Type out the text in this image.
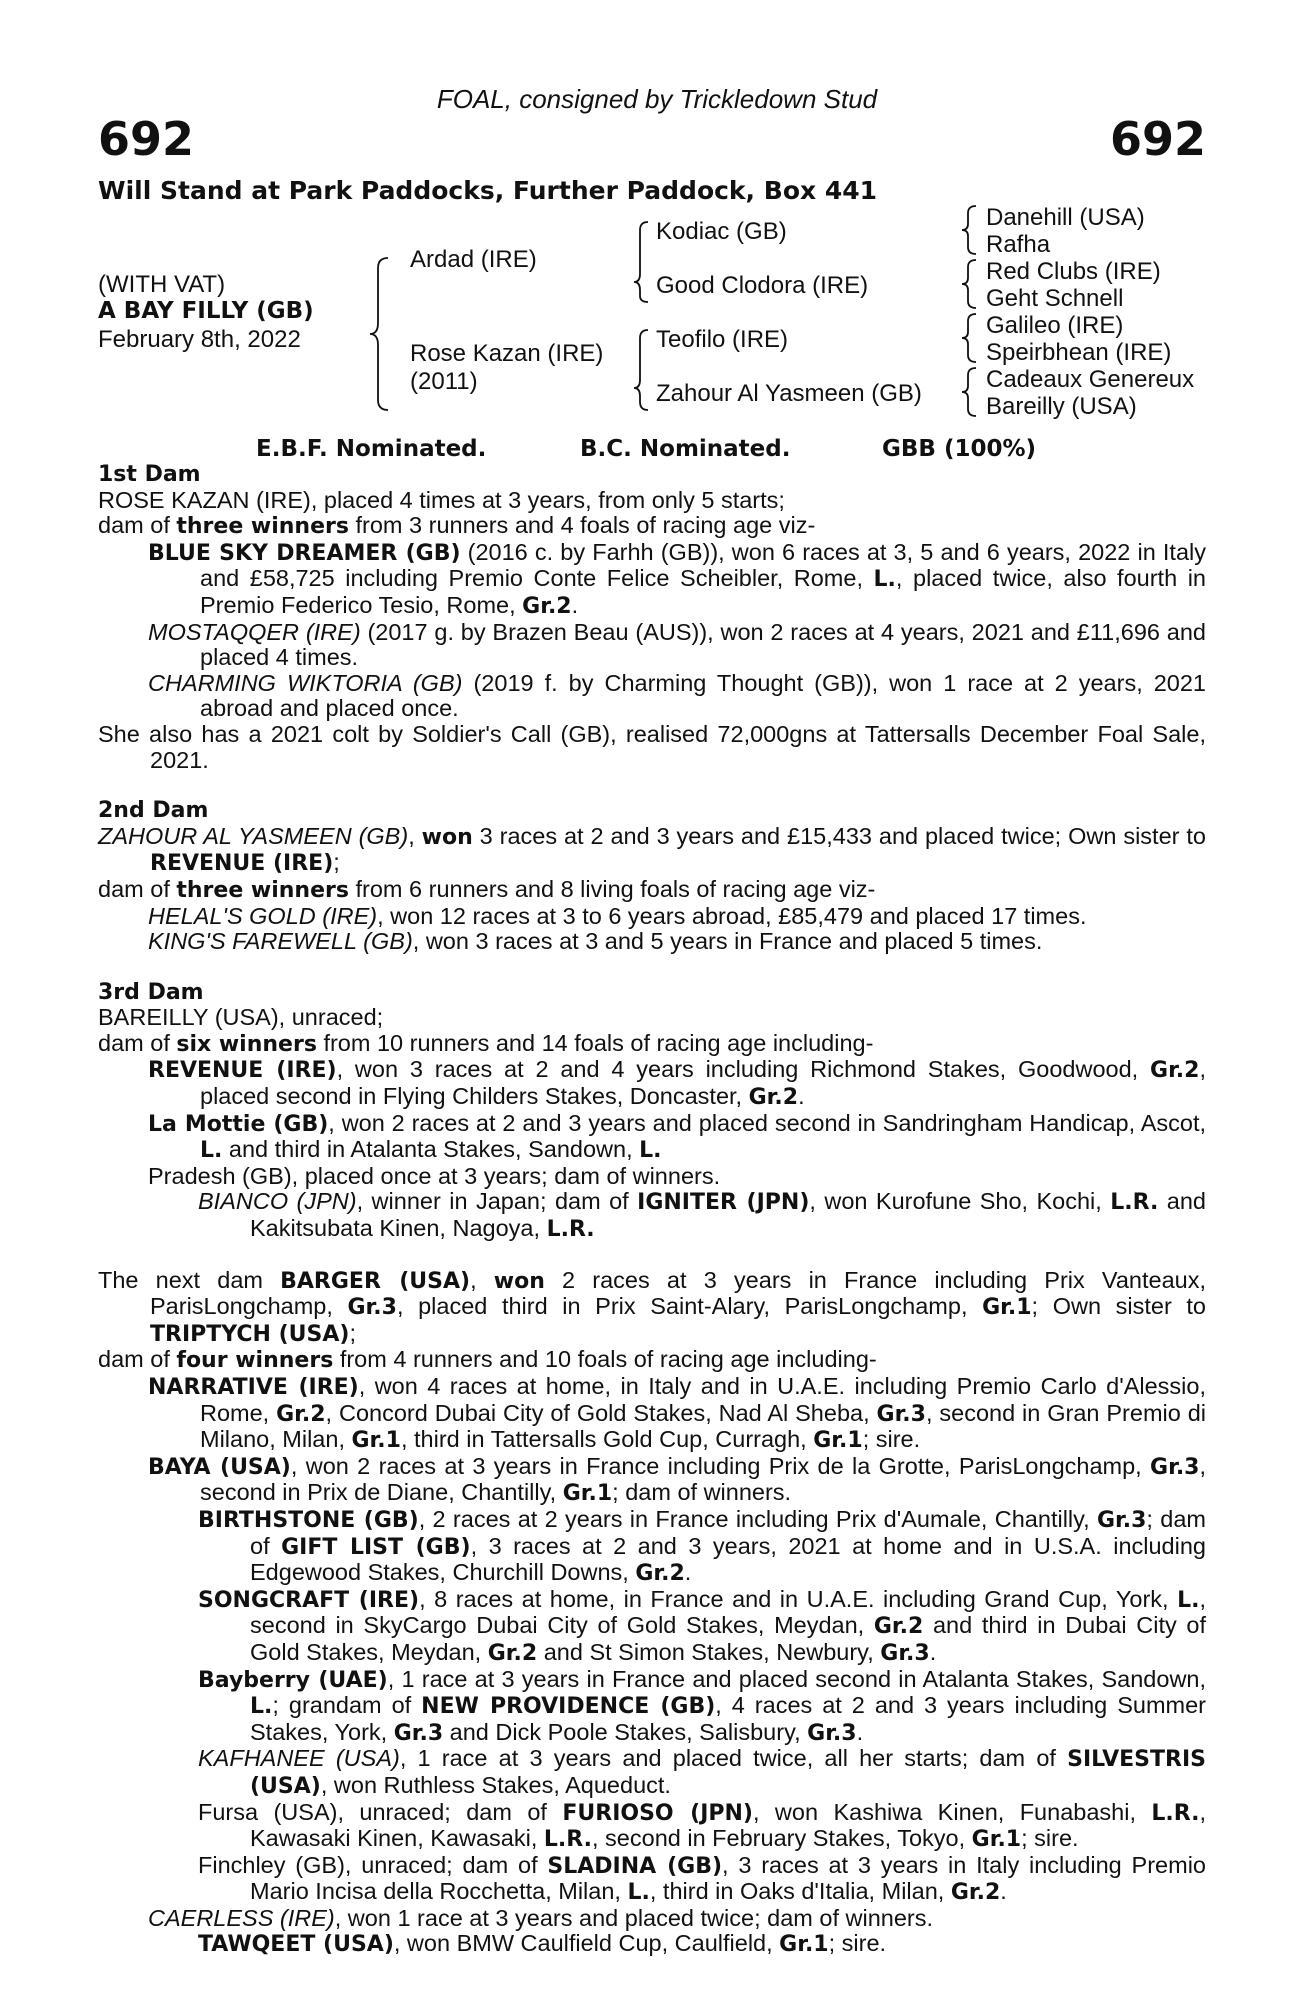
FOAL, consigned by Trickledown Stud
692	692
Will Stand at Park Paddocks, Further Paddock, Box 441
(WITH VAT)
A BAY FILLY (GB)
February 8th, 2022
Ardad (IRE)
Rose Kazan (IRE)
(2011)
Kodiac (GB)
Good Clodora (IRE)
Teofilo (IRE)
Zahour Al Yasmeen (GB)
Danehill (USA)
Rafha
Red Clubs (IRE)
Geht Schnell
Galileo (IRE)
Speirbhean (IRE)
Cadeaux Genereux
Bareilly (USA)
E.B.F. Nominated.	B.C. Nominated.	GBB (100%)
1st Dam

ROSE KAZAN (IRE), placed 4 times at 3 years, from only 5 starts;

dam of three winners from 3 runners and 4 foals of racing age viz-

BLUE SKY DREAMER (GB) (2016 c. by Farhh (GB)), won 6 races at 3, 5 and 6 years, 2022 in Italy and £58,725 including Premio Conte Felice Scheibler, Rome, L., placed twice, also fourth in Premio Federico Tesio, Rome, Gr.2.

MOSTAQQER (IRE) (2017 g. by Brazen Beau (AUS)), won 2 races at 4 years, 2021 and £11,696 and placed 4 times.

CHARMING WIKTORIA (GB) (2019 f. by Charming Thought (GB)), won 1 race at 2 years, 2021 abroad and placed once.

She also has a 2021 colt by Soldier's Call (GB), realised 72,000gns at Tattersalls December Foal Sale, 2021.

2nd Dam

ZAHOUR AL YASMEEN (GB), won 3 races at 2 and 3 years and £15,433 and placed twice; Own sister to REVENUE (IRE);

dam of three winners from 6 runners and 8 living foals of racing age viz-

HELAL'S GOLD (IRE), won 12 races at 3 to 6 years abroad, £85,479 and placed 17 times.

KING'S FAREWELL (GB), won 3 races at 3 and 5 years in France and placed 5 times.

3rd Dam

BAREILLY (USA), unraced;

dam of six winners from 10 runners and 14 foals of racing age including-

REVENUE (IRE), won 3 races at 2 and 4 years including Richmond Stakes, Goodwood, Gr.2, placed second in Flying Childers Stakes, Doncaster, Gr.2.

La Mottie (GB), won 2 races at 2 and 3 years and placed second in Sandringham Handicap, Ascot, L. and third in Atalanta Stakes, Sandown, L.

Pradesh (GB), placed once at 3 years; dam of winners.

BIANCO (JPN), winner in Japan; dam of IGNITER (JPN), won Kurofune Sho, Kochi, L.R. and Kakitsubata Kinen, Nagoya, L.R.

The next dam BARGER (USA), won 2 races at 3 years in France including Prix Vanteaux, ParisLongchamp, Gr.3, placed third in Prix Saint-Alary, ParisLongchamp, Gr.1; Own sister to TRIPTYCH (USA);

dam of four winners from 4 runners and 10 foals of racing age including-

NARRATIVE (IRE), won 4 races at home, in Italy and in U.A.E. including Premio Carlo d'Alessio, Rome, Gr.2, Concord Dubai City of Gold Stakes, Nad Al Sheba, Gr.3, second in Gran Premio di Milano, Milan, Gr.1, third in Tattersalls Gold Cup, Curragh, Gr.1; sire.

BAYA (USA), won 2 races at 3 years in France including Prix de la Grotte, ParisLongchamp, Gr.3, second in Prix de Diane, Chantilly, Gr.1; dam of winners.

BIRTHSTONE (GB), 2 races at 2 years in France including Prix d'Aumale, Chantilly, Gr.3; dam of GIFT LIST (GB), 3 races at 2 and 3 years, 2021 at home and in U.S.A. including Edgewood Stakes, Churchill Downs, Gr.2.

SONGCRAFT (IRE), 8 races at home, in France and in U.A.E. including Grand Cup, York, L., second in SkyCargo Dubai City of Gold Stakes, Meydan, Gr.2 and third in Dubai City of Gold Stakes, Meydan, Gr.2 and St Simon Stakes, Newbury, Gr.3.

Bayberry (UAE), 1 race at 3 years in France and placed second in Atalanta Stakes, Sandown, L.; grandam of NEW PROVIDENCE (GB), 4 races at 2 and 3 years including Summer Stakes, York, Gr.3 and Dick Poole Stakes, Salisbury, Gr.3.

KAFHANEE (USA), 1 race at 3 years and placed twice, all her starts; dam of SILVESTRIS (USA), won Ruthless Stakes, Aqueduct.

Fursa (USA), unraced; dam of FURIOSO (JPN), won Kashiwa Kinen, Funabashi, L.R., Kawasaki Kinen, Kawasaki, L.R., second in February Stakes, Tokyo, Gr.1; sire.

Finchley (GB), unraced; dam of SLADINA (GB), 3 races at 3 years in Italy including Premio Mario Incisa della Rocchetta, Milan, L., third in Oaks d'Italia, Milan, Gr.2.

CAERLESS (IRE), won 1 race at 3 years and placed twice; dam of winners.

TAWQEET (USA), won BMW Caulfield Cup, Caulfield, Gr.1; sire.
